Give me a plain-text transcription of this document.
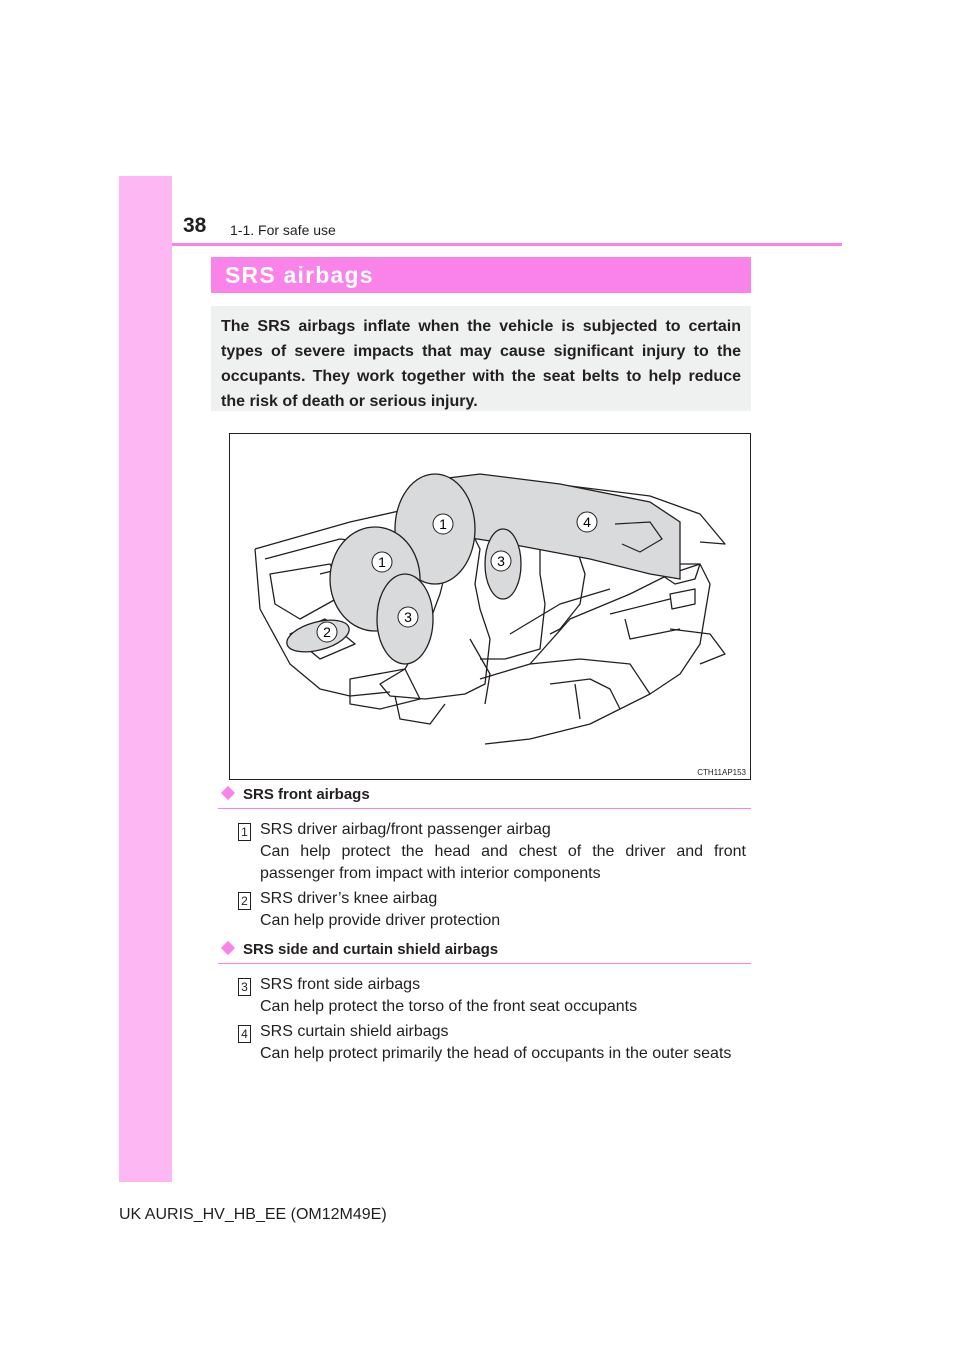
38 1-1. For safe use
SRS airbags

The SRS airbags inflate when the vehicle is subjected to certain types of severe impacts that may cause significant injury to the occupants. They work together with the seat belts to help reduce the risk of death or serious injury.

1
1
2
3
3
4
CTH11AP153
SRS front airbags
1 SRS driver airbag/front passenger airbag

Can help protect the head and chest of the driver and front passenger from impact with interior components

2 SRS driver’s knee airbag

Can help provide driver protection

SRS side and curtain shield airbags
3 SRS front side airbags

Can help protect the torso of the front seat occupants

4 SRS curtain shield airbags

Can help protect primarily the head of occupants in the outer seats

UK AURIS_HV_HB_EE (OM12M49E)
